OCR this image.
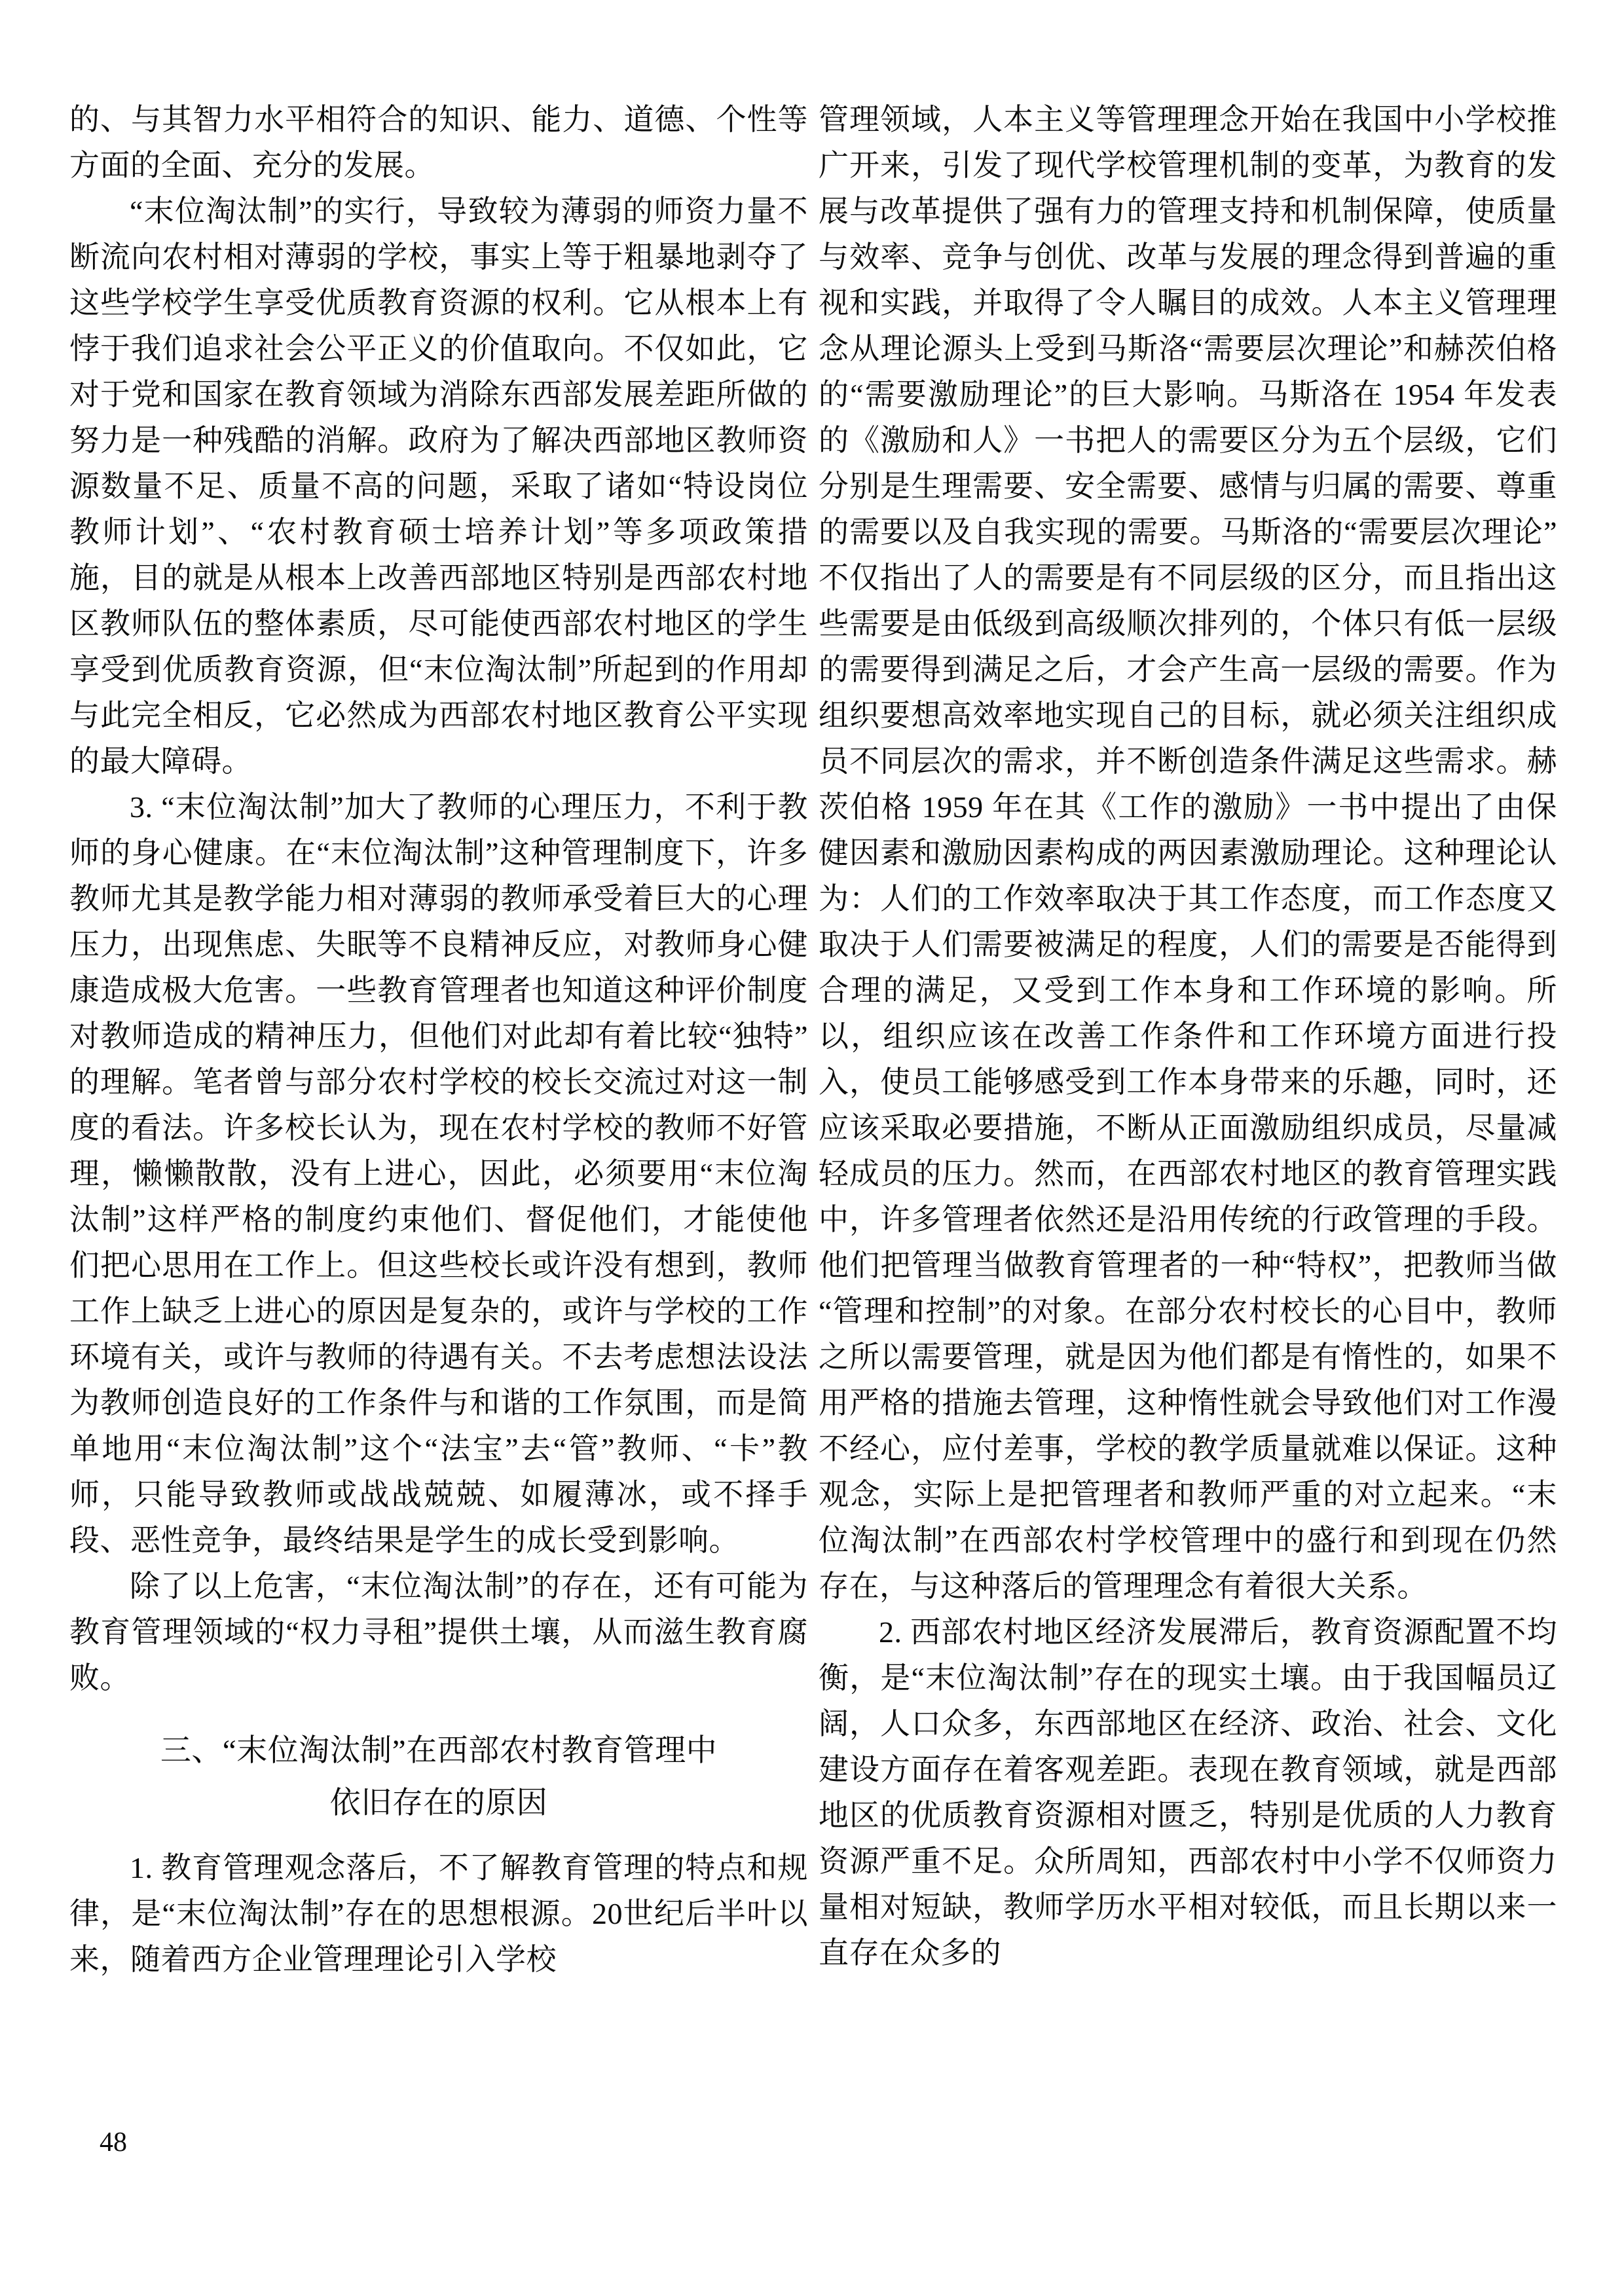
的、与其智力水平相符合的知识、能力、道德、个性等方面的全面、充分的发展。

“末位淘汰制”的实行，导致较为薄弱的师资力量不断流向农村相对薄弱的学校，事实上等于粗暴地剥夺了这些学校学生享受优质教育资源的权利。它从根本上有悖于我们追求社会公平正义的价值取向。不仅如此，它对于党和国家在教育领域为消除东西部发展差距所做的努力是一种残酷的消解。政府为了解决西部地区教师资源数量不足、质量不高的问题，采取了诸如“特设岗位教师计划”、“农村教育硕士培养计划”等多项政策措施，目的就是从根本上改善西部地区特别是西部农村地区教师队伍的整体素质，尽可能使西部农村地区的学生享受到优质教育资源，但“末位淘汰制”所起到的作用却与此完全相反，它必然成为西部农村地区教育公平实现的最大障碍。

3. “末位淘汰制”加大了教师的心理压力，不利于教师的身心健康。在“末位淘汰制”这种管理制度下，许多教师尤其是教学能力相对薄弱的教师承受着巨大的心理压力，出现焦虑、失眠等不良精神反应，对教师身心健康造成极大危害。一些教育管理者也知道这种评价制度对教师造成的精神压力，但他们对此却有着比较“独特”的理解。笔者曾与部分农村学校的校长交流过对这一制度的看法。许多校长认为，现在农村学校的教师不好管理，懒懒散散，没有上进心，因此，必须要用“末位淘汰制”这样严格的制度约束他们、督促他们，才能使他们把心思用在工作上。但这些校长或许没有想到，教师工作上缺乏上进心的原因是复杂的，或许与学校的工作环境有关，或许与教师的待遇有关。不去考虑想法设法为教师创造良好的工作条件与和谐的工作氛围，而是简单地用“末位淘汰制”这个“法宝”去“管”教师、“卡”教师，只能导致教师或战战兢兢、如履薄冰，或不择手段、恶性竞争，最终结果是学生的成长受到影响。

除了以上危害，“末位淘汰制”的存在，还有可能为教育管理领域的“权力寻租”提供土壤，从而滋生教育腐败。

三、“末位淘汰制”在西部农村教育管理中
依旧存在的原因

1. 教育管理观念落后，不了解教育管理的特点和规律，是“末位淘汰制”存在的思想根源。20世纪后半叶以来，随着西方企业管理理论引入学校

管理领域，人本主义等管理理念开始在我国中小学校推广开来，引发了现代学校管理机制的变革，为教育的发展与改革提供了强有力的管理支持和机制保障，使质量与效率、竞争与创优、改革与发展的理念得到普遍的重视和实践，并取得了令人瞩目的成效。人本主义管理理念从理论源头上受到马斯洛“需要层次理论”和赫茨伯格的“需要激励理论”的巨大影响。马斯洛在 1954 年发表的《激励和人》一书把人的需要区分为五个层级，它们分别是生理需要、安全需要、感情与归属的需要、尊重的需要以及自我实现的需要。马斯洛的“需要层次理论”不仅指出了人的需要是有不同层级的区分，而且指出这些需要是由低级到高级顺次排列的，个体只有低一层级的需要得到满足之后，才会产生高一层级的需要。作为组织要想高效率地实现自己的目标，就必须关注组织成员不同层次的需求，并不断创造条件满足这些需求。赫茨伯格 1959 年在其《工作的激励》一书中提出了由保健因素和激励因素构成的两因素激励理论。这种理论认为：人们的工作效率取决于其工作态度，而工作态度又取决于人们需要被满足的程度，人们的需要是否能得到合理的满足，又受到工作本身和工作环境的影响。所以，组织应该在改善工作条件和工作环境方面进行投入，使员工能够感受到工作本身带来的乐趣，同时，还应该采取必要措施，不断从正面激励组织成员，尽量减轻成员的压力。然而，在西部农村地区的教育管理实践中，许多管理者依然还是沿用传统的行政管理的手段。他们把管理当做教育管理者的一种“特权”，把教师当做“管理和控制”的对象。在部分农村校长的心目中，教师之所以需要管理，就是因为他们都是有惰性的，如果不用严格的措施去管理，这种惰性就会导致他们对工作漫不经心，应付差事，学校的教学质量就难以保证。这种观念，实际上是把管理者和教师严重的对立起来。“末位淘汰制”在西部农村学校管理中的盛行和到现在仍然存在，与这种落后的管理理念有着很大关系。

2. 西部农村地区经济发展滞后，教育资源配置不均衡，是“末位淘汰制”存在的现实土壤。由于我国幅员辽阔，人口众多，东西部地区在经济、政治、社会、文化建设方面存在着客观差距。表现在教育领域，就是西部地区的优质教育资源相对匮乏，特别是优质的人力教育资源严重不足。众所周知，西部农村中小学不仅师资力量相对短缺，教师学历水平相对较低，而且长期以来一直存在众多的

48
